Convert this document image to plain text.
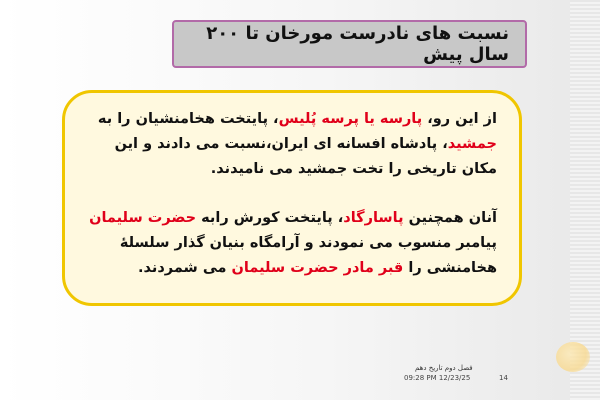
نسبت های نادرست مورخان تا ۲۰۰ سال پیش

از این رو، پارسه یا پرسه پُلیس، پایتخت هخامنشیان را به جمشید، پادشاه افسانه ای ایران،نسبت می دادند و این مکان تاریخی را تخت جمشید می نامیدند.

آنان همچنین پاسارگاد، پایتخت کورش رابه حضرت سلیمان پیامبر منسوب می نمودند و آرامگاه بنیان گذار سلسلۀ هخامنشی را قبر مادر حضرت سلیمان می شمردند.

فصل دوم تاریخ دهم
09:28 PM 12/23/25	14
